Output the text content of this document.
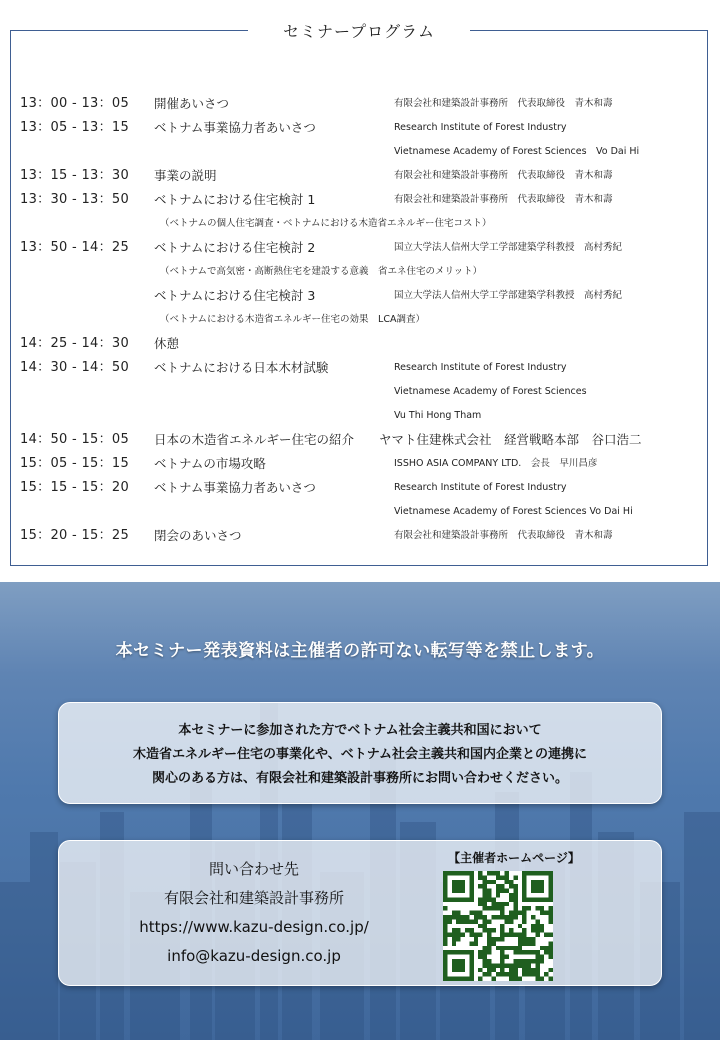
セミナープログラム
13：00 - 13：05 開催あいさつ	有限会社和建築設計事務所　代表取締役　青木和壽
13：05 - 13：15 ベトナム事業協力者あいさつ	Research Institute of Forest Industry
Vietnamese Academy of Forest Sciences　Vo Dai Hi
13：15 - 13：30 事業の説明	有限会社和建築設計事務所　代表取締役　青木和壽
13：30 - 13：50 ベトナムにおける住宅検討 1	有限会社和建築設計事務所　代表取締役　青木和壽
（ベトナムの個人住宅調査・ベトナムにおける木造省エネルギー住宅コスト）
13：50 - 14：25 ベトナムにおける住宅検討 2	国立大学法人信州大学工学部建築学科教授　高村秀紀
（ベトナムで高気密・高断熱住宅を建設する意義　省エネ住宅のメリット）
ベトナムにおける住宅検討 3	国立大学法人信州大学工学部建築学科教授　高村秀紀
（ベトナムにおける木造省エネルギー住宅の効果　LCA調査）
14：25 - 14：30 休憩
14：30 - 14：50 ベトナムにおける日本木材試験	Research Institute of Forest Industry
Vietnamese Academy of Forest Sciences
Vu Thi Hong Tham
14：50 - 15：05 日本の木造省エネルギー住宅の紹介　　ヤマト住建株式会社　経営戦略本部　谷口浩二
15：05 - 15：15 ベトナムの市場攻略	ISSHO ASIA COMPANY LTD.　会長　早川昌彦
15：15 - 15：20 ベトナム事業協力者あいさつ	Research Institute of Forest Industry
Vietnamese Academy of Forest Sciences Vo Dai Hi
15：20 - 15：25 閉会のあいさつ	有限会社和建築設計事務所　代表取締役　青木和壽
本セミナー発表資料は主催者の許可ない転写等を禁止します。
本セミナーに参加された方でベトナム社会主義共和国において
木造省エネルギー住宅の事業化や、ベトナム社会主義共和国内企業との連携に
関心のある方は、有限会社和建築設計事務所にお問い合わせください。
問い合わせ先
有限会社和建築設計事務所
https://www.kazu-design.co.jp/
info@kazu-design.co.jp
【主催者ホームページ】
